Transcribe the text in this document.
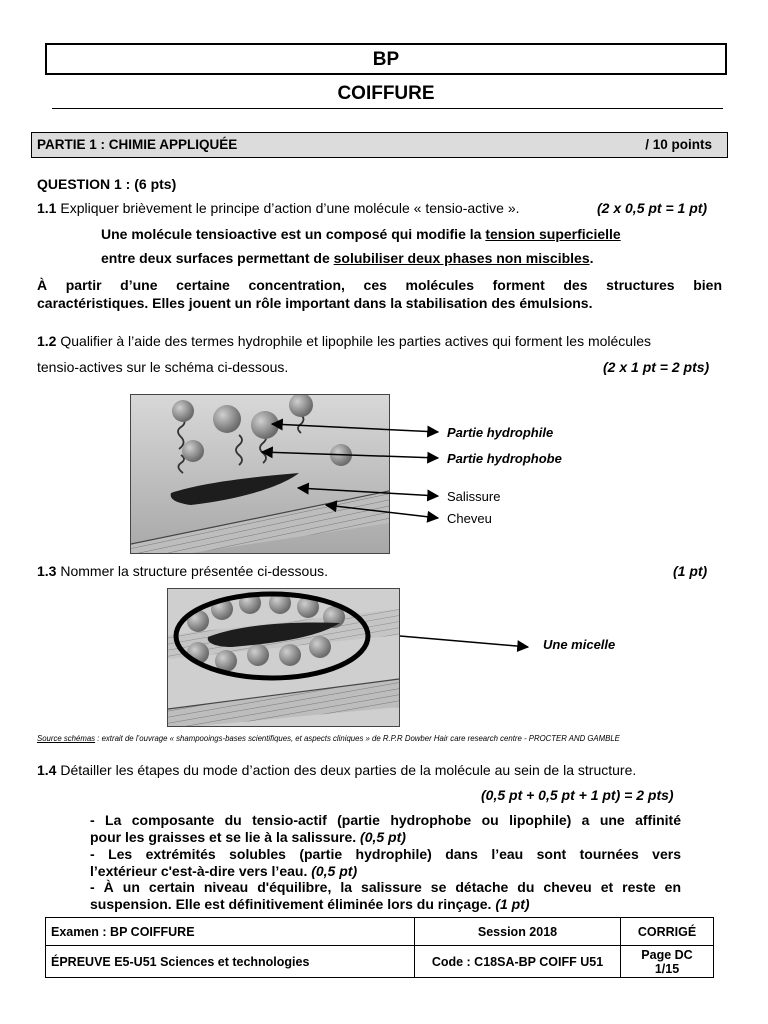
BP
COIFFURE
PARTIE 1 : CHIMIE APPLIQUÉE	/ 10 points
QUESTION 1 : (6 pts)
1.1 Expliquer brièvement le principe d’action d’une molécule « tensio-active ».	(2 x 0,5 pt = 1 pt)
Une molécule tensioactive est un composé qui modifie la tension superficielle
entre deux surfaces permettant de solubiliser deux phases non miscibles.
À partir d’une certaine concentration, ces molécules forment des structures bien
caractéristiques. Elles jouent un rôle important dans la stabilisation des émulsions.
1.2 Qualifier à l’aide des termes hydrophile et lipophile les parties actives qui forment les molécules
tensio-actives sur le schéma ci-dessous.	(2 x 1 pt = 2 pts)
Partie hydrophile
Partie hydrophobe
Salissure
Cheveu
1.3 Nommer la structure présentée ci-dessous.	(1 pt)
Une micelle
Source schémas : extrait de l’ouvrage « shampooings-bases scientifiques, et aspects cliniques » de R.P.R Dowber Hair care research centre - PROCTER AND GAMBLE
1.4 Détailler les étapes du mode d’action des deux parties de la molécule au sein de la structure.
(0,5 pt + 0,5 pt + 1 pt) = 2 pts)
- La composante du tensio-actif (partie hydrophobe ou lipophile) a une affinité
pour les graisses et se lie à la salissure. (0,5 pt)
- Les extrémités solubles (partie hydrophile) dans l’eau sont tournées vers
l’extérieur c'est-à-dire vers l’eau. (0,5 pt)
- À un certain niveau d'équilibre, la salissure se détache du cheveu et reste en
suspension. Elle est définitivement éliminée lors du rinçage. (1 pt)
Examen : BP COIFFURE	Session 2018	CORRIGÉ
ÉPREUVE E5-U51 Sciences et technologies	Code : C18SA-BP COIFF U51	Page DC
1/15
